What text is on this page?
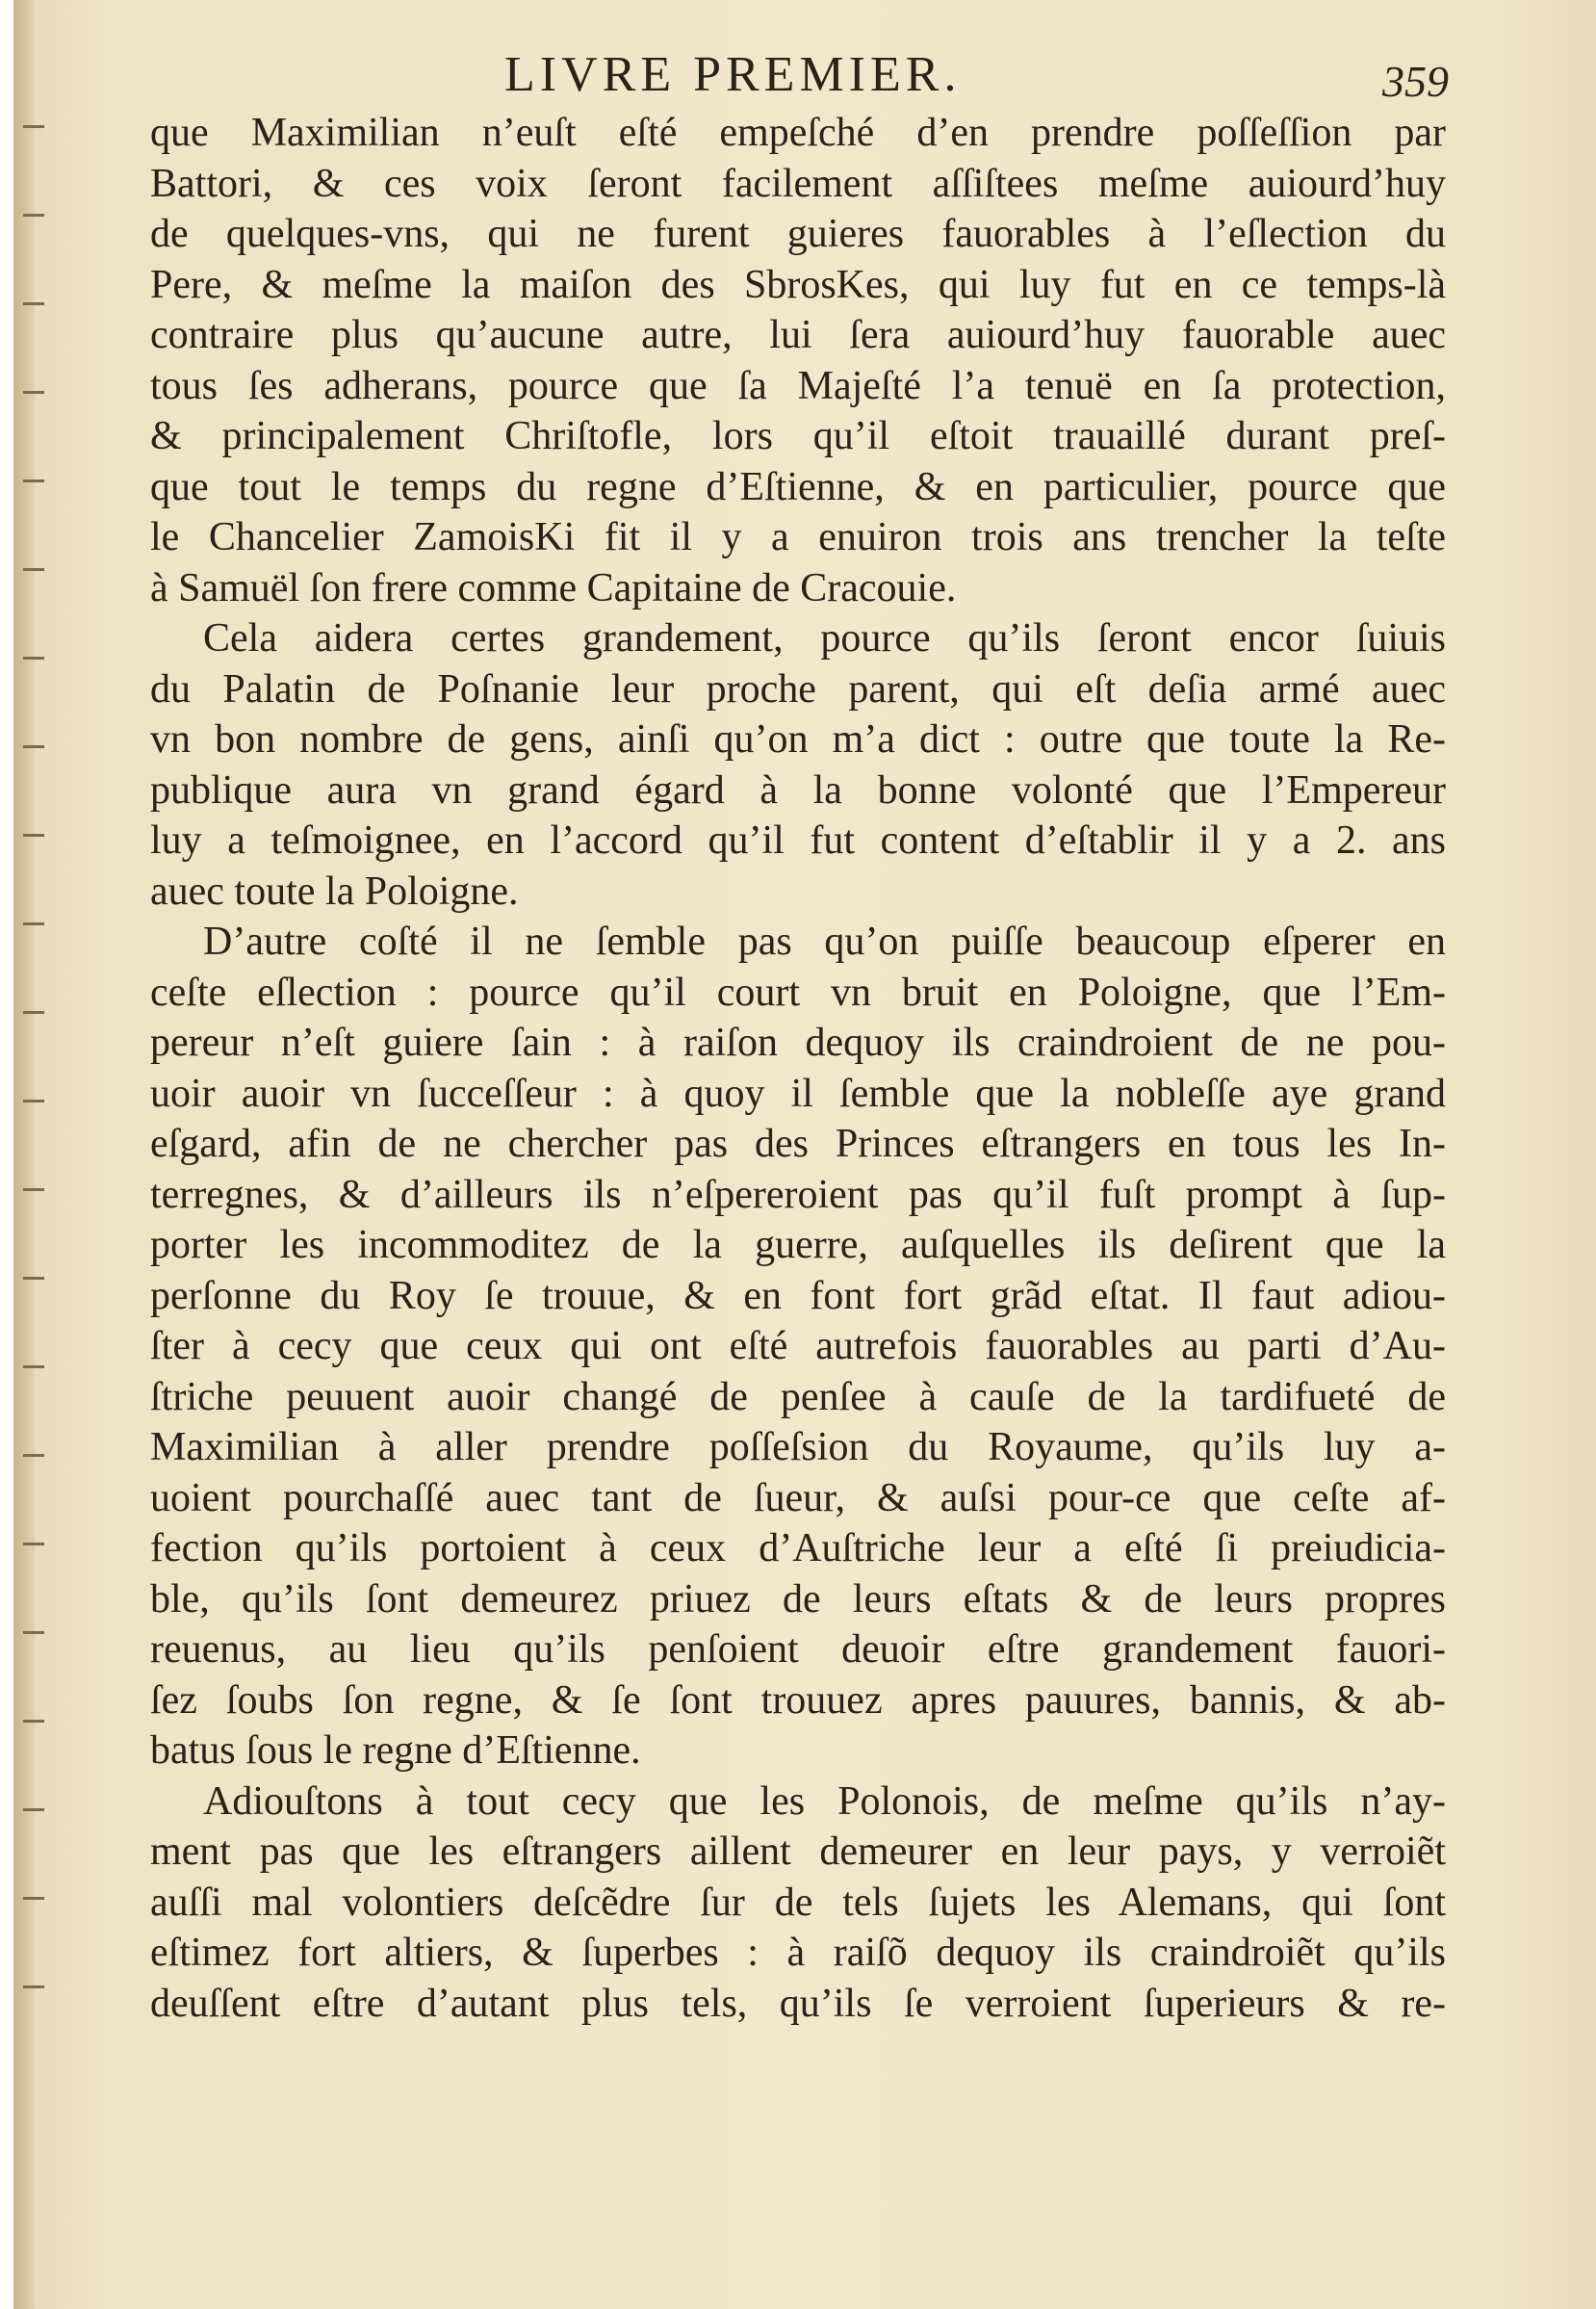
LIVRE PREMIER.	359
que Maximilian n’euſt eſté empeſché d’en prendre poſſeſſion par
Battori, & ces voix ſeront facilement aſſiſtees meſme auiourd’huy
de quelques-vns, qui ne furent guieres fauorables à l’eſlection du
Pere, & meſme la maiſon des SbrosKes, qui luy fut en ce temps-là
contraire plus qu’aucune autre, lui ſera auiourd’huy fauorable auec
tous ſes adherans, pource que ſa Majeſté l’a tenuë en ſa protection,
& principalement Chriſtofle, lors qu’il eſtoit trauaillé durant preſ-
que tout le temps du regne d’Eſtienne, & en particulier, pource que
le Chancelier ZamoisKi fit il y a enuiron trois ans trencher la teſte
à Samuël ſon frere comme Capitaine de Cracouie.
Cela aidera certes grandement, pource qu’ils ſeront encor ſuiuis
du Palatin de Poſnanie leur proche parent, qui eſt deſia armé auec
vn bon nombre de gens, ainſi qu’on m’a dict : outre que toute la Re-
publique aura vn grand égard à la bonne volonté que l’Empereur
luy a teſmoignee, en l’accord qu’il fut content d’eſtablir il y a 2. ans
auec toute la Poloigne.
D’autre coſté il ne ſemble pas qu’on puiſſe beaucoup eſperer en
ceſte eſlection : pource qu’il court vn bruit en Poloigne, que l’Em-
pereur n’eſt guiere ſain : à raiſon dequoy ils craindroient de ne pou-
uoir auoir vn ſucceſſeur : à quoy il ſemble que la nobleſſe aye grand
eſgard, afin de ne chercher pas des Princes eſtrangers en tous les In-
terregnes, & d’ailleurs ils n’eſpereroient pas qu’il fuſt prompt à ſup-
porter les incommoditez de la guerre, auſquelles ils deſirent que la
perſonne du Roy ſe trouue, & en font fort grãd eſtat. Il faut adiou-
ſter à cecy que ceux qui ont eſté autrefois fauorables au parti d’Au-
ſtriche peuuent auoir changé de penſee à cauſe de la tardifueté de
Maximilian à aller prendre poſſeſsion du Royaume, qu’ils luy a-
uoient pourchaſſé auec tant de ſueur, & auſsi pour-ce que ceſte af-
fection qu’ils portoient à ceux d’Auſtriche leur a eſté ſi preiudicia-
ble, qu’ils ſont demeurez priuez de leurs eſtats & de leurs propres
reuenus, au lieu qu’ils penſoient deuoir eſtre grandement fauori-
ſez ſoubs ſon regne, & ſe ſont trouuez apres pauures, bannis, & ab-
batus ſous le regne d’Eſtienne.
Adiouſtons à tout cecy que les Polonois, de meſme qu’ils n’ay-
ment pas que les eſtrangers aillent demeurer en leur pays, y verroiẽt
auſſi mal volontiers deſcẽdre ſur de tels ſujets les Alemans, qui ſont
eſtimez fort altiers, & ſuperbes : à raiſõ dequoy ils craindroiẽt qu’ils
deuſſent eſtre d’autant plus tels, qu’ils ſe verroient ſuperieurs & re-
